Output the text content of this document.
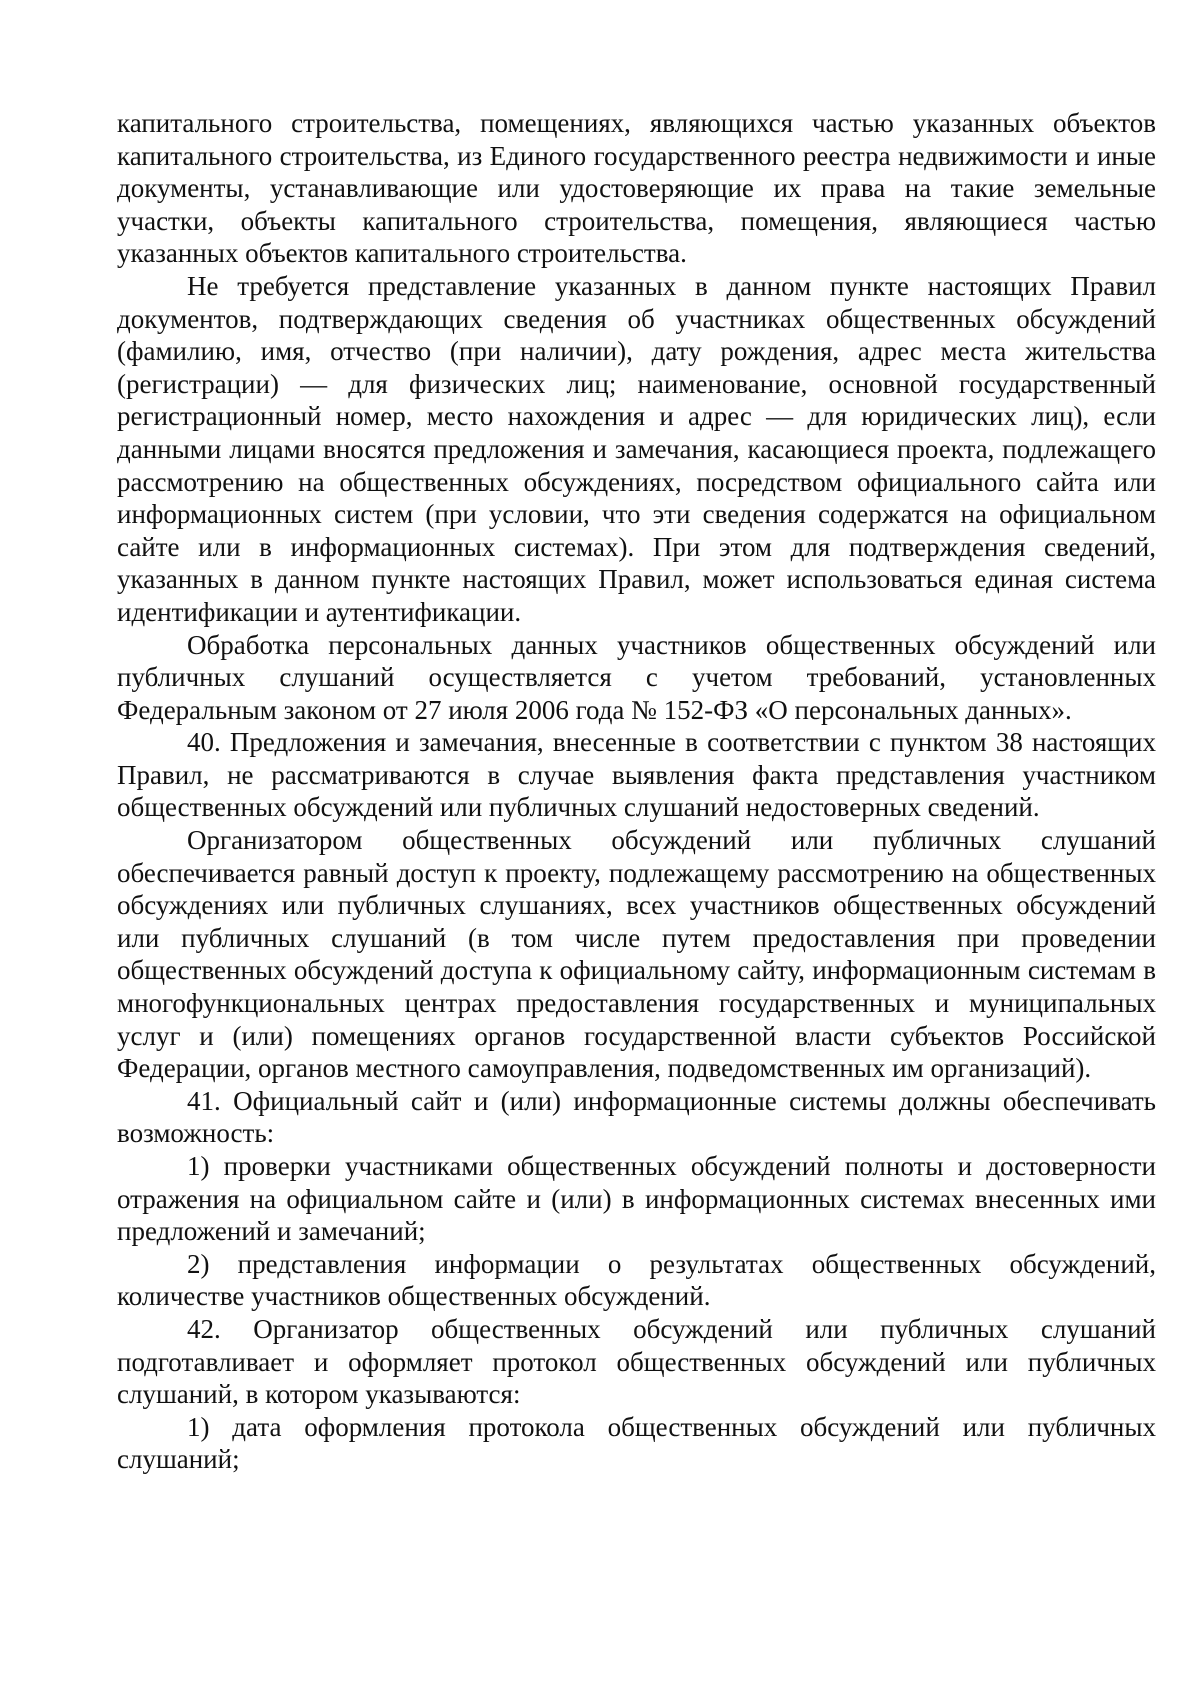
капитального строительства, помещениях, являющихся частью указанных объектов капитального строительства, из Единого государственного реестра недвижимости и иные документы, устанавливающие или удостоверяющие их права на такие земельные участки, объекты капитального строительства, помещения, являющиеся частью указанных объектов капитального строительства.

Не требуется представление указанных в данном пункте настоящих Правил документов, подтверждающих сведения об участниках общественных обсуждений (фамилию, имя, отчество (при наличии), дату рождения, адрес места жительства (регистрации) — для физических лиц; наименование, основной государственный регистрационный номер, место нахождения и адрес — для юридических лиц), если данными лицами вносятся предложения и замечания, касающиеся проекта, подлежащего рассмотрению на общественных обсуждениях, посредством официального сайта или информационных систем (при условии, что эти сведения содержатся на официальном сайте или в информационных системах). При этом для подтверждения сведений, указанных в данном пункте настоящих Правил, может использоваться единая система идентификации и аутентификации.

Обработка персональных данных участников общественных обсуждений или публичных слушаний осуществляется с учетом требований, установленных Федеральным законом от 27 июля 2006 года № 152-ФЗ «О персональных данных».

40. Предложения и замечания, внесенные в соответствии с пунктом 38 настоящих Правил, не рассматриваются в случае выявления факта представления участником общественных обсуждений или публичных слушаний недостоверных сведений.

Организатором общественных обсуждений или публичных слушаний обеспечивается равный доступ к проекту, подлежащему рассмотрению на общественных обсуждениях или публичных слушаниях, всех участников общественных обсуждений или публичных слушаний (в том числе путем предоставления при проведении общественных обсуждений доступа к официальному сайту, информационным системам в многофункциональных центрах предоставления государственных и муниципальных услуг и (или) помещениях органов государственной власти субъектов Российской Федерации, органов местного самоуправления, подведомственных им организаций).

41. Официальный сайт и (или) информационные системы должны обеспечивать возможность:

1) проверки участниками общественных обсуждений полноты и достоверности отражения на официальном сайте и (или) в информационных системах внесенных ими предложений и замечаний;

2) представления информации о результатах общественных обсуждений, количестве участников общественных обсуждений.

42. Организатор общественных обсуждений или публичных слушаний подготавливает и оформляет протокол общественных обсуждений или публичных слушаний, в котором указываются:

1) дата оформления протокола общественных обсуждений или публичных слушаний;
